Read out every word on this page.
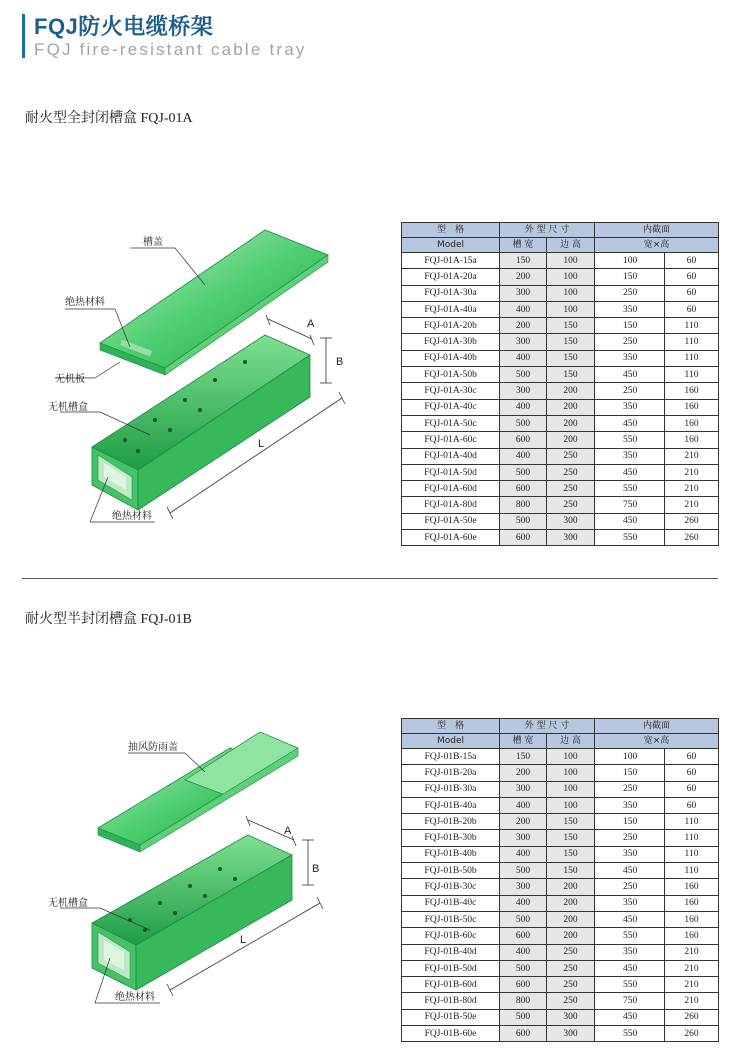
FQJ防火电缆桥架
FQJ fire-resistant cable tray
耐火型全封闭槽盒 FQJ-01A
A
B
L
槽盖
绝热材料
无机板
无机槽盒
绝热材料
型　格	外 型 尺 寸		内截面	
Model	槽 宽	边 高	宽×高	
FQJ-01A-15a	150	100	100	60
FQJ-01A-20a	200	100	150	60
FQJ-01A-30a	300	100	250	60
FQJ-01A-40a	400	100	350	60
FQJ-01A-20b	200	150	150	110
FQJ-01A-30b	300	150	250	110
FQJ-01A-40b	400	150	350	110
FQJ-01A-50b	500	150	450	110
FQJ-01A-30c	300	200	250	160
FQJ-01A-40c	400	200	350	160
FQJ-01A-50c	500	200	450	160
FQJ-01A-60c	600	200	550	160
FQJ-01A-40d	400	250	350	210
FQJ-01A-50d	500	250	450	210
FQJ-01A-60d	600	250	550	210
FQJ-01A-80d	800	250	750	210
FQJ-01A-50e	500	300	450	260
FQJ-01A-60e	600	300	550	260
耐火型半封闭槽盒 FQJ-01B
A
B
L
抽风防雨盖
无机槽盒
绝热材料
型　格	外 型 尺 寸		内截面	
Model	槽 宽	边 高	宽×高	
FQJ-01B-15a	150	100	100	60
FQJ-01B-20a	200	100	150	60
FQJ-01B-30a	300	100	250	60
FQJ-01B-40a	400	100	350	60
FQJ-01B-20b	200	150	150	110
FQJ-01B-30b	300	150	250	110
FQJ-01B-40b	400	150	350	110
FQJ-01B-50b	500	150	450	110
FQJ-01B-30c	300	200	250	160
FQJ-01B-40c	400	200	350	160
FQJ-01B-50c	500	200	450	160
FQJ-01B-60c	600	200	550	160
FQJ-01B-40d	400	250	350	210
FQJ-01B-50d	500	250	450	210
FQJ-01B-60d	600	250	550	210
FQJ-01B-80d	800	250	750	210
FQJ-01B-50e	500	300	450	260
FQJ-01B-60e	600	300	550	260
